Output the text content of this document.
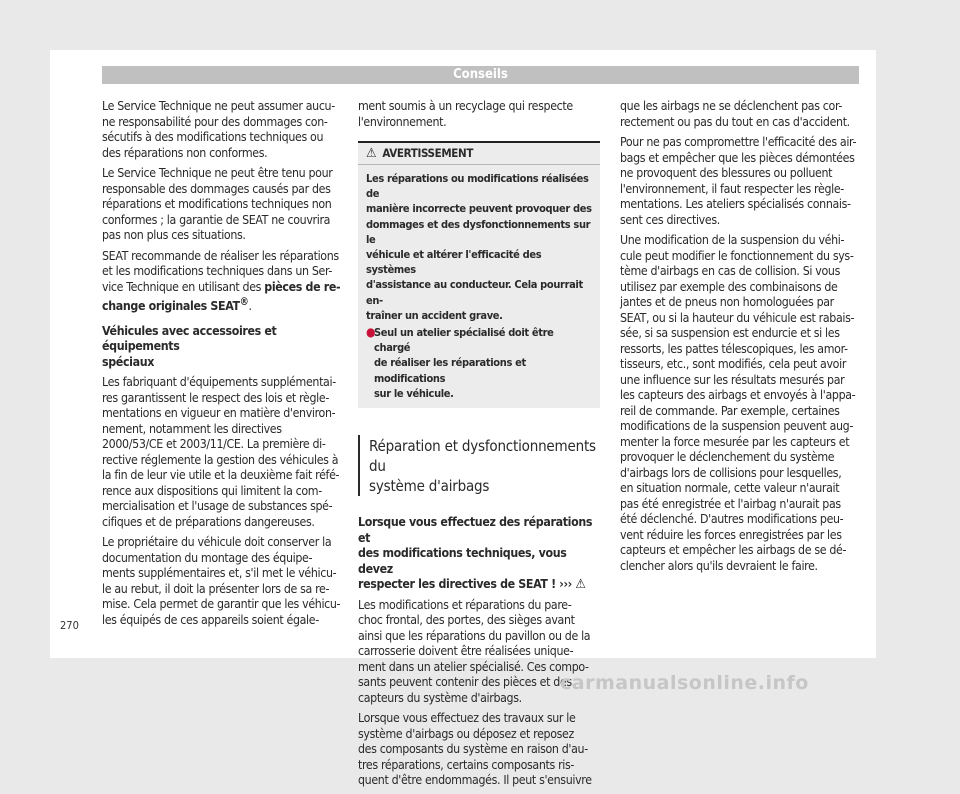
Conseils

Le Service Technique ne peut assumer aucu-
ne responsabilité pour des dommages con-
sécutifs à des modifications techniques ou
des réparations non conformes.

Le Service Technique ne peut être tenu pour
responsable des dommages causés par des
réparations et modifications techniques non
conformes ; la garantie de SEAT ne couvrira
pas non plus ces situations.

SEAT recommande de réaliser les réparations
et les modifications techniques dans un Ser-
vice Technique en utilisant des pièces de re-
change originales SEAT®.

Véhicules avec accessoires et équipements
spéciaux

Les fabriquant d'équipements supplémentai-
res garantissent le respect des lois et règle-
mentations en vigueur en matière d'environ-
nement, notamment les directives
2000/53/CE et 2003/11/CE. La première di-
rective réglemente la gestion des véhicules à
la fin de leur vie utile et la deuxième fait réfé-
rence aux dispositions qui limitent la com-
mercialisation et l'usage de substances spé-
cifiques et de préparations dangereuses.

Le propriétaire du véhicule doit conserver la
documentation du montage des équipe-
ments supplémentaires et, s'il met le véhicu-
le au rebut, il doit la présenter lors de sa re-
mise. Cela permet de garantir que les véhicu-
les équipés de ces appareils soient égale-

ment soumis à un recyclage qui respecte
l'environnement.

⚠ AVERTISSEMENT

Les réparations ou modifications réalisées de
manière incorrecte peuvent provoquer des
dommages et des dysfonctionnements sur le
véhicule et altérer l'efficacité des systèmes
d'assistance au conducteur. Cela pourrait en-
traîner un accident grave.

●
Seul un atelier spécialisé doit être chargé
de réaliser les réparations et modifications
sur le véhicule.
Réparation et dysfonctionnements du
système d'airbags

Lorsque vous effectuez des réparations et
des modifications techniques, vous devez
respecter les directives de SEAT ! ››› ⚠

Les modifications et réparations du pare-
choc frontal, des portes, des sièges avant
ainsi que les réparations du pavillon ou de la
carrosserie doivent être réalisées unique-
ment dans un atelier spécialisé. Ces compo-
sants peuvent contenir des pièces et des
capteurs du système d'airbags.

Lorsque vous effectuez des travaux sur le
système d'airbags ou déposez et reposez
des composants du système en raison d'au-
tres réparations, certains composants ris-
quent d'être endommagés. Il peut s'ensuivre

que les airbags ne se déclenchent pas cor-
rectement ou pas du tout en cas d'accident.

Pour ne pas compromettre l'efficacité des air-
bags et empêcher que les pièces démontées
ne provoquent des blessures ou polluent
l'environnement, il faut respecter les règle-
mentations. Les ateliers spécialisés connais-
sent ces directives.

Une modification de la suspension du véhi-
cule peut modifier le fonctionnement du sys-
tème d'airbags en cas de collision. Si vous
utilisez par exemple des combinaisons de
jantes et de pneus non homologuées par
SEAT, ou si la hauteur du véhicule est rabais-
sée, si sa suspension est endurcie et si les
ressorts, les pattes télescopiques, les amor-
tisseurs, etc., sont modifiés, cela peut avoir
une influence sur les résultats mesurés par
les capteurs des airbags et envoyés à l'appa-
reil de commande. Par exemple, certaines
modifications de la suspension peuvent aug-
menter la force mesurée par les capteurs et
provoquer le déclenchement du système
d'airbags lors de collisions pour lesquelles,
en situation normale, cette valeur n'aurait
pas été enregistrée et l'airbag n'aurait pas
été déclenché. D'autres modifications peu-
vent réduire les forces enregistrées par les
capteurs et empêcher les airbags de se dé-
clencher alors qu'ils devraient le faire.

270
carmanualsonline.info
